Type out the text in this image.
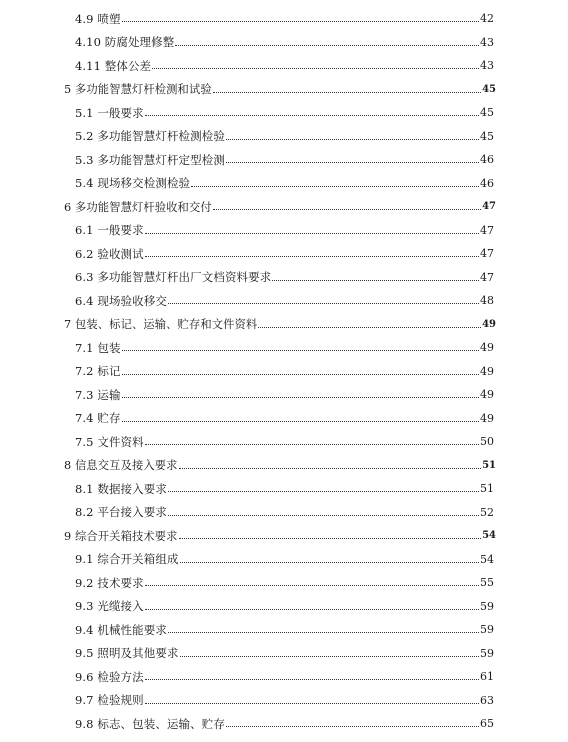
4.9 喷塑	42
4.10 防腐处理修整	43
4.11 整体公差	43
5 多功能智慧灯杆检测和试验	45
5.1 一般要求	45
5.2 多功能智慧灯杆检测检验	45
5.3 多功能智慧灯杆定型检测	46
5.4 现场移交检测检验	46
6 多功能智慧灯杆验收和交付	47
6.1 一般要求	47
6.2 验收测试	47
6.3 多功能智慧灯杆出厂文档资料要求	47
6.4 现场验收移交	48
7 包装、标记、运输、贮存和文件资料	49
7.1 包装	49
7.2 标记	49
7.3 运输	49
7.4 贮存	49
7.5 文件资料	50
8 信息交互及接入要求	51
8.1 数据接入要求	51
8.2 平台接入要求	52
9 综合开关箱技术要求	54
9.1 综合开关箱组成	54
9.2 技术要求	55
9.3 光缆接入	59
9.4 机械性能要求	59
9.5 照明及其他要求	59
9.6 检验方法	61
9.7 检验规则	63
9.8 标志、包装、运输、贮存	65
